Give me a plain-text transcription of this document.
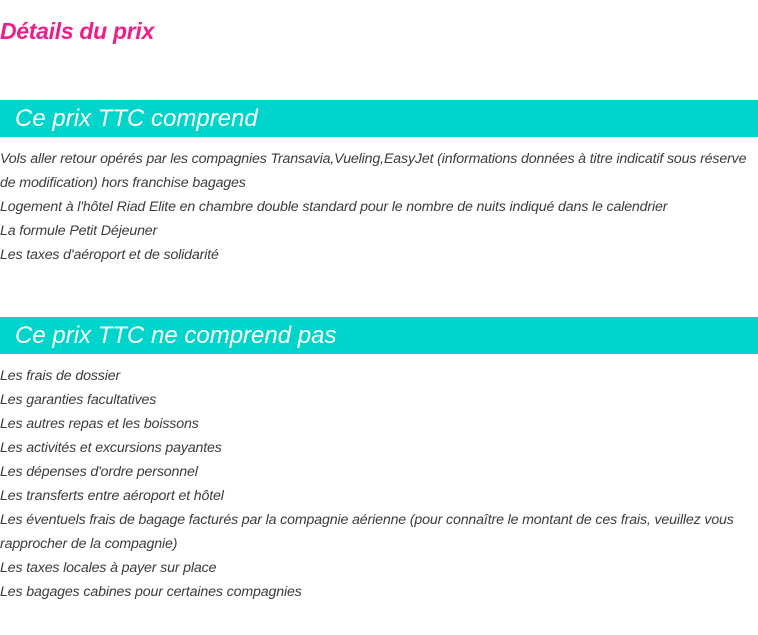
Détails du prix
Ce prix TTC comprend
Vols aller retour opérés par les compagnies Transavia,Vueling,EasyJet (informations données à titre indicatif sous réserve de modification) hors franchise bagages
Logement à l'hôtel Riad Elite en chambre double standard pour le nombre de nuits indiqué dans le calendrier
La formule Petit Déjeuner
Les taxes d'aéroport et de solidarité
Ce prix TTC ne comprend pas
Les frais de dossier
Les garanties facultatives
Les autres repas et les boissons
Les activités et excursions payantes
Les dépenses d'ordre personnel
Les transferts entre aéroport et hôtel
Les éventuels frais de bagage facturés par la compagnie aérienne (pour connaître le montant de ces frais, veuillez vous rapprocher de la compagnie)
Les taxes locales à payer sur place
Les bagages cabines pour certaines compagnies
